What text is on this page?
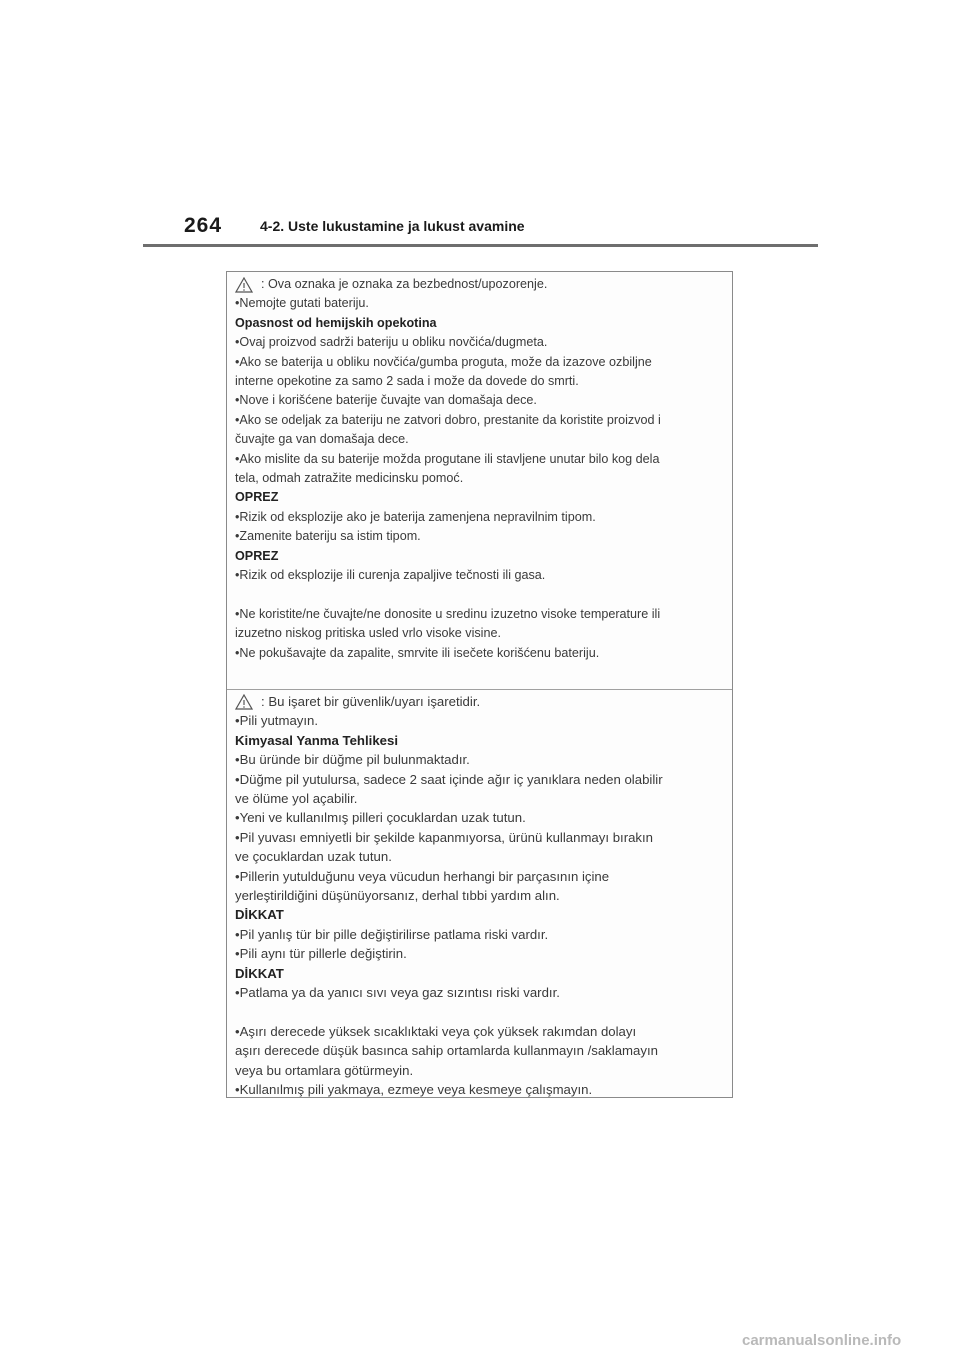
264	4-2. Uste lukustamine ja lukust avamine
: Ova oznaka je oznaka za bezbednost/upozorenje.
•Nemojte gutati bateriju.
Opasnost od hemijskih opekotina
•Ovaj proizvod sadrži bateriju u obliku novčića/dugmeta.
•Ako se baterija u obliku novčića/gumba proguta, može da izazove ozbiljne
interne opekotine za samo 2 sada i može da dovede do smrti.
•Nove i korišćene baterije čuvajte van domašaja dece.
•Ako se odeljak za bateriju ne zatvori dobro, prestanite da koristite proizvod i
čuvajte ga van domašaja dece.
•Ako mislite da su baterije možda progutane ili stavljene unutar bilo kog dela
tela, odmah zatražite medicinsku pomoć.
OPREZ
•Rizik od eksplozije ako je baterija zamenjena nepravilnim tipom.
•Zamenite bateriju sa istim tipom.
OPREZ
•Rizik od eksplozije ili curenja zapaljive tečnosti ili gasa.
•Ne koristite/ne čuvajte/ne donosite u sredinu izuzetno visoke temperature ili
izuzetno niskog pritiska usled vrlo visoke visine.
•Ne pokušavajte da zapalite, smrvite ili isečete korišćenu bateriju.
: Bu işaret bir güvenlik/uyarı işaretidir.
•Pili yutmayın.
Kimyasal Yanma Tehlikesi
•Bu üründe bir düğme pil bulunmaktadır.
•Düğme pil yutulursa, sadece 2 saat içinde ağır iç yanıklara neden olabilir
ve ölüme yol açabilir.
•Yeni ve kullanılmış pilleri çocuklardan uzak tutun.
•Pil yuvası emniyetli bir şekilde kapanmıyorsa, ürünü kullanmayı bırakın
ve çocuklardan uzak tutun.
•Pillerin yutulduğunu veya vücudun herhangi bir parçasının içine
yerleştirildiğini düşünüyorsanız, derhal tıbbi yardım alın.
DİKKAT
•Pil yanlış tür bir pille değiştirilirse patlama riski vardır.
•Pili aynı tür pillerle değiştirin.
DİKKAT
•Patlama ya da yanıcı sıvı veya gaz sızıntısı riski vardır.
•Aşırı derecede yüksek sıcaklıktaki veya çok yüksek rakımdan dolayı
aşırı derecede düşük basınca sahip ortamlarda kullanmayın /saklamayın
veya bu ortamlara götürmeyin.
•Kullanılmış pili yakmaya, ezmeye veya kesmeye çalışmayın.
carmanualsonline.info
